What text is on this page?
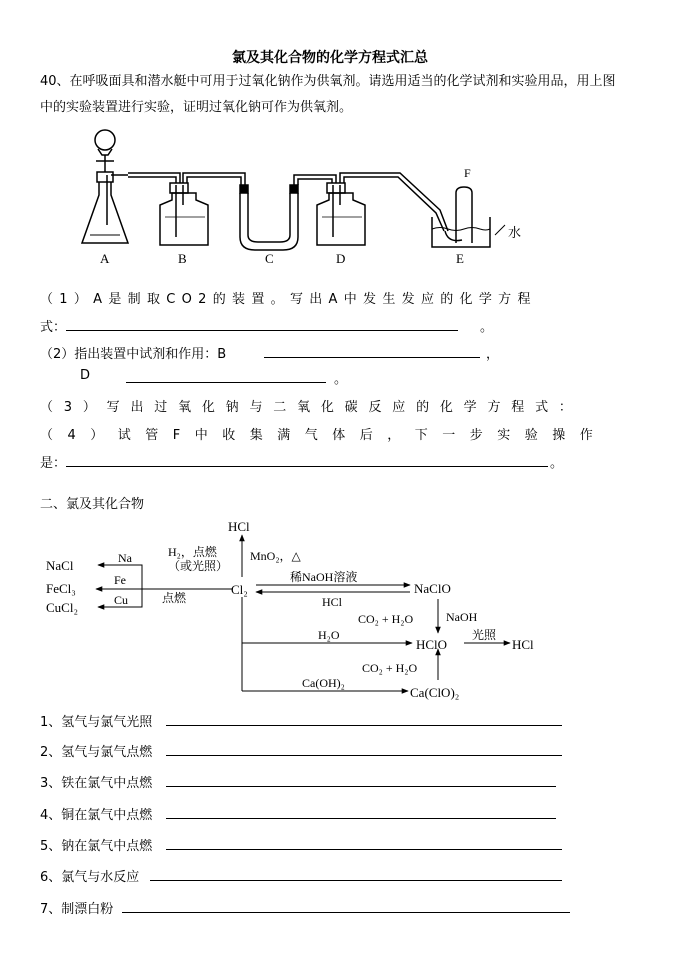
氯及其化合物的化学方程式汇总
40、在呼吸面具和潜水艇中可用于过氧化钠作为供氧剂。请选用适当的化学试剂和实验用品，用上图
中的实验装置进行实验，证明过氧化钠可作为供氧剂。
A	B	C	D	E
F
水
（1）A是制取CO2的装置。写出A中发生发应的化学方程
式：	。
（2）指出装置中试剂和作用：B	，
D	。
（3）写出过氧化钠与二氧化碳反应的化学方程式：
（4）试管F中收集满气体后，下一步实验操作
是：	。
二、氯及其化合物
HCl
Cl₂
NaCl
FeCl₃
CuCl₂
Na
Fe
Cu	点燃
H₂，点燃
（或光照）
MnO₂，△
稀NaOH溶液
HCl
NaClO
CO₂ + H₂O	NaOH
H₂O
HClO
光照
HCl
CO₂ + H₂O
Ca(OH)₂
Ca(ClO)₂
1、氢气与氯气光照
2、氢气与氯气点燃
3、铁在氯气中点燃
4、铜在氯气中点燃
5、钠在氯气中点燃
6、氯气与水反应
7、制漂白粉
